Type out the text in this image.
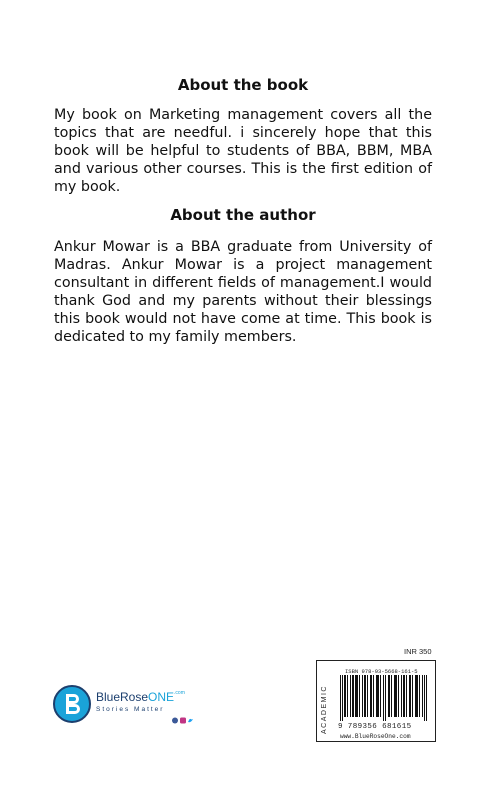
About the book
My book on Marketing management covers all the topics that are needful. i sincerely hope that this book will be helpful to students of BBA, BBM, MBA and various other courses. This is the first edition of my book.
About the author
Ankur Mowar is a BBA graduate from University of Madras. Ankur Mowar is a project management consultant in different fields of management.I would thank God and my parents without their blessings this book would not have come at time. This book is dedicated to my family members.
BlueRoseONE$^{.com}$
Stories Matter
INR 350
ACADEMIC
ISBN 978-93-5668-161-5
9 789356 681615
www.BlueRoseOne.com
